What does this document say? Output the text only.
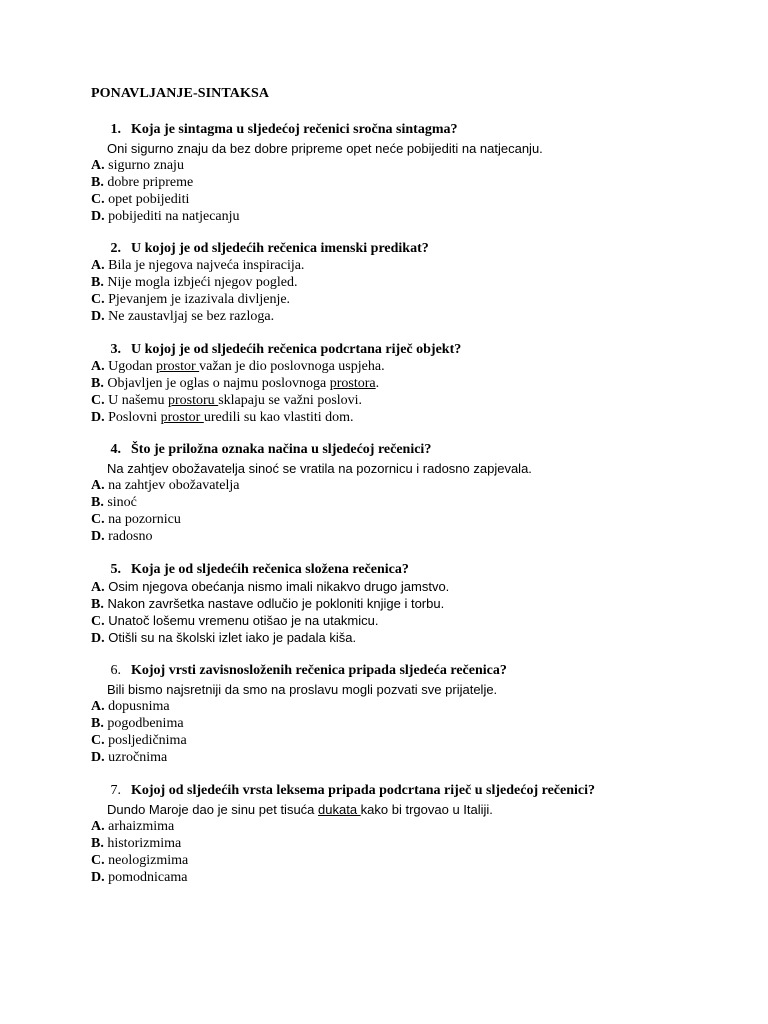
PONAVLJANJE-SINTAKSA
1. Koja je sintagma u sljedećoj rečenici sročna sintagma?
Oni sigurno znaju da bez dobre pripreme opet neće pobijediti na natjecanju.
A. sigurno znaju
B. dobre pripreme
C. opet pobijediti
D. pobijediti na natjecanju
2. U kojoj je od sljedećih rečenica imenski predikat?
A. Bila je njegova najveća inspiracija.
B. Nije mogla izbjeći njegov pogled.
C. Pjevanjem je izazivala divljenje.
D. Ne zaustavljaj se bez razloga.
3. U kojoj je od sljedećih rečenica podcrtana riječ objekt?
A. Ugodan prostor važan je dio poslovnoga uspjeha.
B. Objavljen je oglas o najmu poslovnoga prostora.
C. U našemu prostoru sklapaju se važni poslovi.
D. Poslovni prostor uredili su kao vlastiti dom.
4. Što je priložna oznaka načina u sljedećoj rečenici?
Na zahtjev obožavatelja sinoć se vratila na pozornicu i radosno zapjevala.
A. na zahtjev obožavatelja
B. sinoć
C. na pozornicu
D. radosno
5. Koja je od sljedećih rečenica složena rečenica?
A. Osim njegova obećanja nismo imali nikakvo drugo jamstvo.
B. Nakon završetka nastave odlučio je pokloniti knjige i torbu.
C. Unatoč lošemu vremenu otišao je na utakmicu.
D. Otišli su na školski izlet iako je padala kiša.
6. Kojoj vrsti zavisnosloženih rečenica pripada sljedeća rečenica?
Bili bismo najsretniji da smo na proslavu mogli pozvati sve prijatelje.
A. dopusnima
B. pogodbenima
C. posljedičnima
D. uzročnima
7. Kojoj od sljedećih vrsta leksema pripada podcrtana riječ u sljedećoj rečenici?
Dundo Maroje dao je sinu pet tisuća dukata kako bi trgovao u Italiji.
A. arhaizmima
B. historizmima
C. neologizmima
D. pomodnicama
